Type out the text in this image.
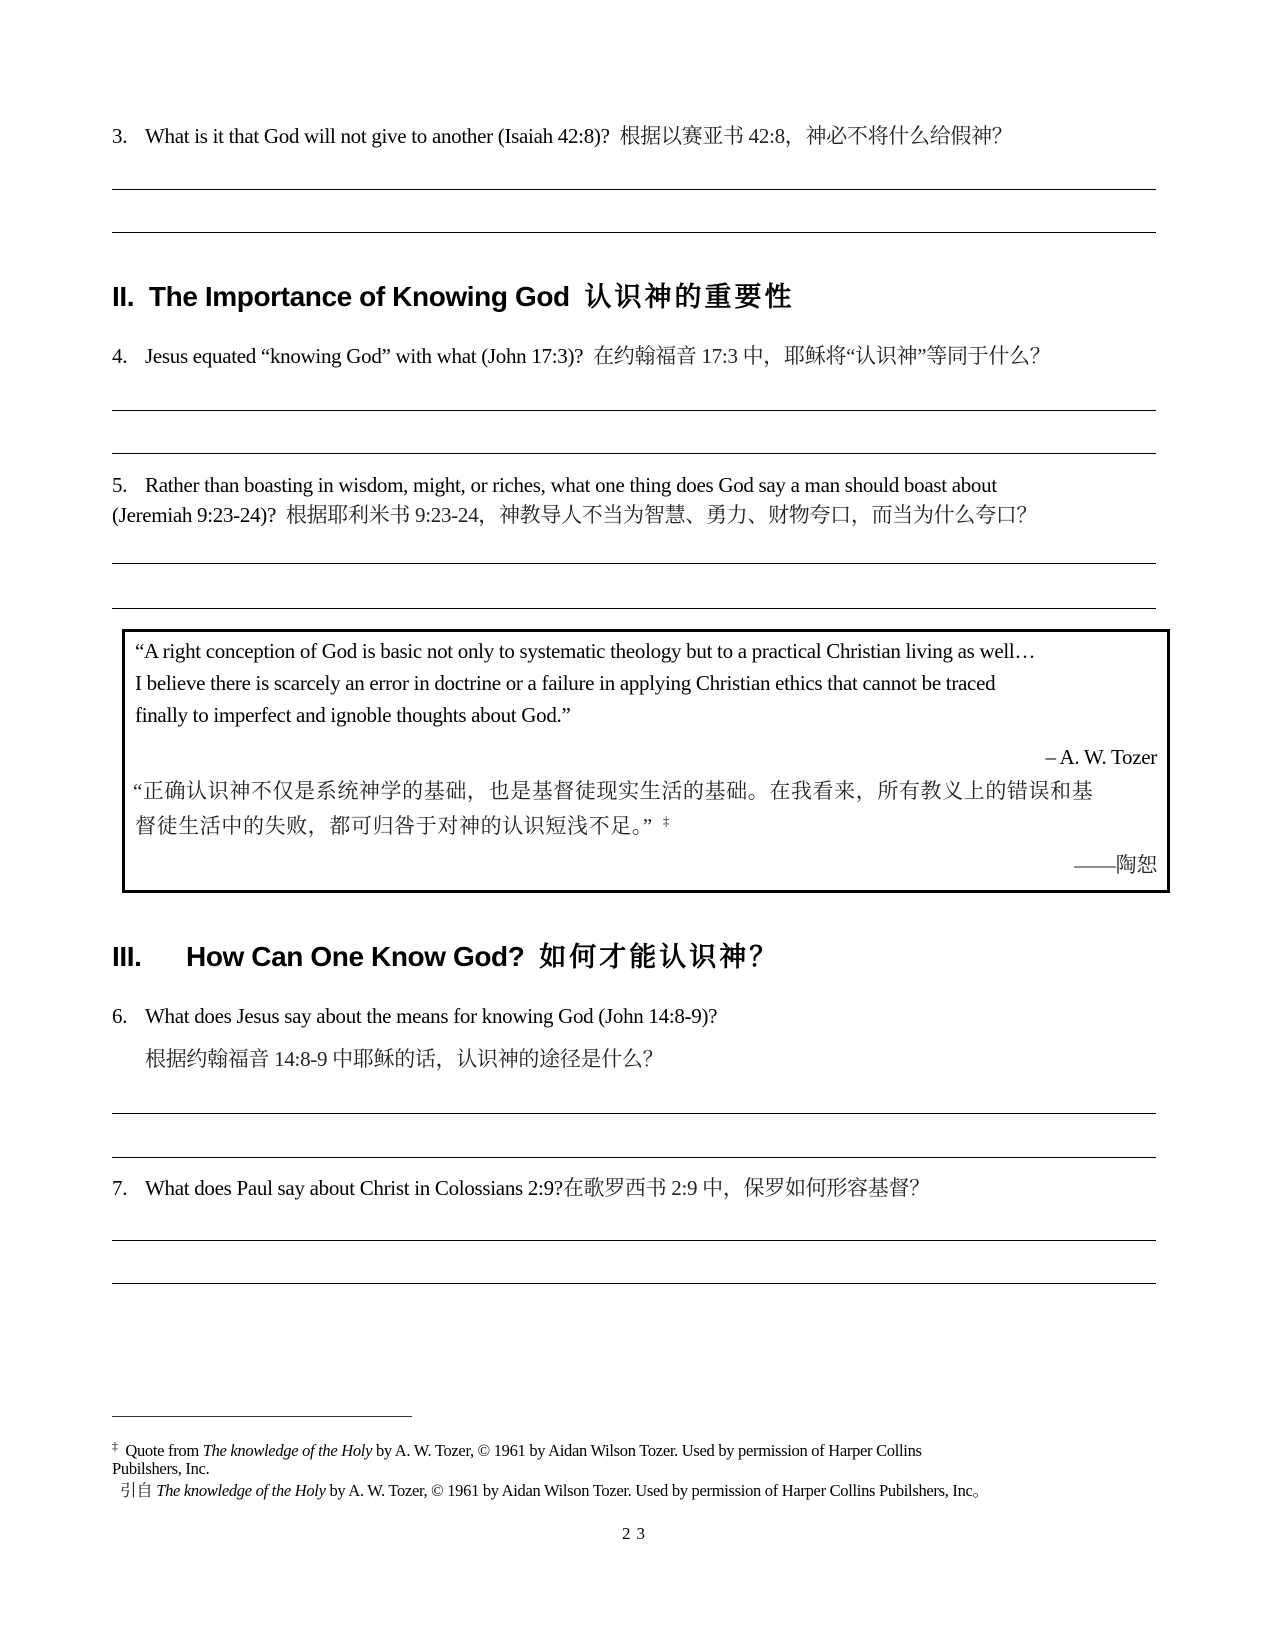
3. What is it that God will not give to another (Isaiah 42:8)? 根据以赛亚书 42:8，神必不将什么给假神？
II. The Importance of Knowing God 认识神的重要性
4. Jesus equated “knowing God” with what (John 17:3)? 在约翰福音 17:3 中，耶稣将“认识神”等同于什么？
5. Rather than boasting in wisdom, might, or riches, what one thing does God say a man should boast about
(Jeremiah 9:23-24)? 根据耶利米书 9:23-24，神教导人不当为智慧、勇力、财物夸口，而当为什么夸口？
“A right conception of God is basic not only to systematic theology but to a practical Christian living as well…
I believe there is scarcely an error in doctrine or a failure in applying Christian ethics that cannot be traced
finally to imperfect and ignoble thoughts about God.”
– A. W. Tozer
“正确认识神不仅是系统神学的基础，也是基督徒现实生活的基础。在我看来，所有教义上的错误和基
督徒生活中的失败，都可归咎于对神的认识短浅不足。” ‡
——陶恕
III. How Can One Know God? 如何才能认识神？
6. What does Jesus say about the means for knowing God (John 14:8-9)?
根据约翰福音 14:8-9 中耶稣的话，认识神的途径是什么？
7. What does Paul say about Christ in Colossians 2:9?在歌罗西书 2:9 中，保罗如何形容基督？
‡ Quote from The knowledge of the Holy by A. W. Tozer, © 1961 by Aidan Wilson Tozer. Used by permission of Harper Collins
Pubilshers, Inc.
引自 The knowledge of the Holy by A. W. Tozer, © 1961 by Aidan Wilson Tozer. Used by permission of Harper Collins Pubilshers, Inc。
23
